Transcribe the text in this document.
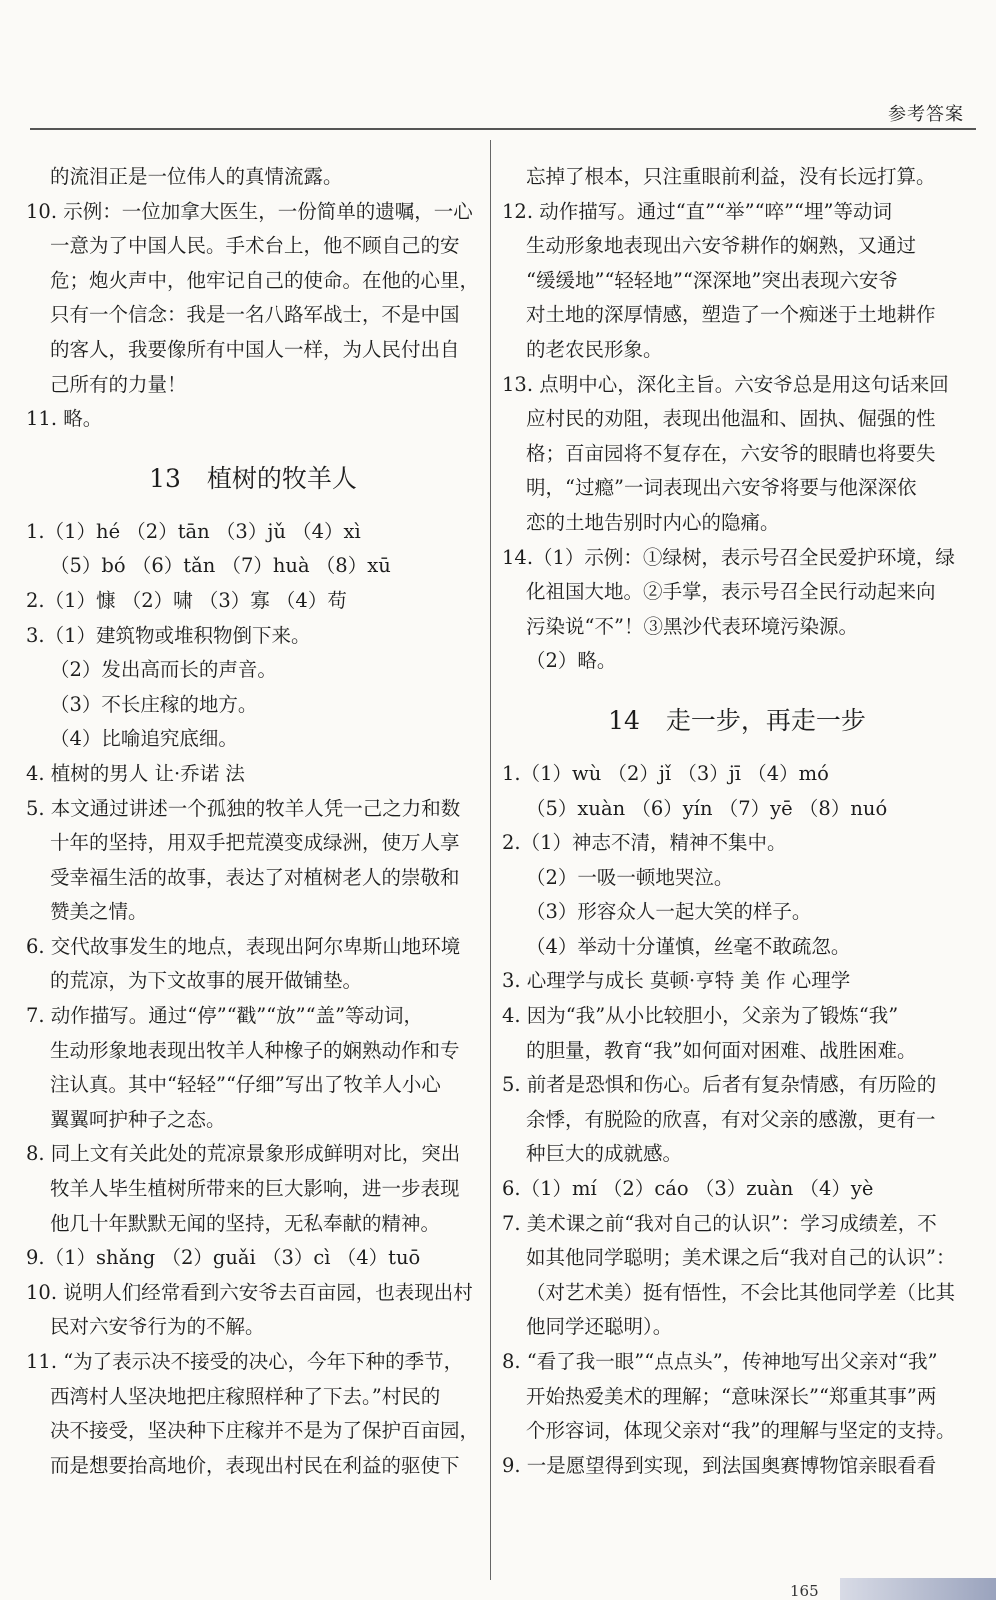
参考答案
的流泪正是一位伟人的真情流露。
10. 示例：一位加拿大医生，一份简单的遗嘱，一心
一意为了中国人民。手术台上，他不顾自己的安
危；炮火声中，他牢记自己的使命。在他的心里，
只有一个信念：我是一名八路军战士，不是中国
的客人，我要像所有中国人一样，为人民付出自
己所有的力量！
11. 略。
13 植树的牧羊人
1.（1）hé （2）tān （3）jǔ （4）xì
（5）bó （6）tǎn （7）huà （8）xū
2.（1）慷 （2）啸 （3）寡 （4）苟
3.（1）建筑物或堆积物倒下来。
（2）发出高而长的声音。
（3）不长庄稼的地方。
（4）比喻追究底细。
4. 植树的男人 让·乔诺 法
5. 本文通过讲述一个孤独的牧羊人凭一己之力和数
十年的坚持，用双手把荒漠变成绿洲，使万人享
受幸福生活的故事，表达了对植树老人的崇敬和
赞美之情。
6. 交代故事发生的地点，表现出阿尔卑斯山地环境
的荒凉，为下文故事的展开做铺垫。
7. 动作描写。通过“停”“戳”“放”“盖”等动词，
生动形象地表现出牧羊人种橡子的娴熟动作和专
注认真。其中“轻轻”“仔细”写出了牧羊人小心
翼翼呵护种子之态。
8. 同上文有关此处的荒凉景象形成鲜明对比，突出
牧羊人毕生植树所带来的巨大影响，进一步表现
他几十年默默无闻的坚持，无私奉献的精神。
9.（1）shǎng （2）guǎi （3）cì （4）tuō
10. 说明人们经常看到六安爷去百亩园，也表现出村
民对六安爷行为的不解。
11. “为了表示决不接受的决心，今年下种的季节，
西湾村人坚决地把庄稼照样种了下去。”村民的
决不接受，坚决种下庄稼并不是为了保护百亩园，
而是想要抬高地价，表现出村民在利益的驱使下
忘掉了根本，只注重眼前利益，没有长远打算。
12. 动作描写。通过“直”“举”“啐”“埋”等动词
生动形象地表现出六安爷耕作的娴熟，又通过
“缓缓地”“轻轻地”“深深地”突出表现六安爷
对土地的深厚情感，塑造了一个痴迷于土地耕作
的老农民形象。
13. 点明中心，深化主旨。六安爷总是用这句话来回
应村民的劝阻，表现出他温和、固执、倔强的性
格；百亩园将不复存在，六安爷的眼睛也将要失
明，“过瘾”一词表现出六安爷将要与他深深依
恋的土地告别时内心的隐痛。
14.（1）示例：①绿树，表示号召全民爱护环境，绿
化祖国大地。②手掌，表示号召全民行动起来向
污染说“不”！③黑沙代表环境污染源。
（2）略。
14 走一步，再走一步
1.（1）wù （2）jǐ （3）jī （4）mó
（5）xuàn （6）yín （7）yē （8）nuó
2.（1）神志不清，精神不集中。
（2）一吸一顿地哭泣。
（3）形容众人一起大笑的样子。
（4）举动十分谨慎，丝毫不敢疏忽。
3. 心理学与成长 莫顿·亨特 美 作 心理学
4. 因为“我”从小比较胆小，父亲为了锻炼“我”
的胆量，教育“我”如何面对困难、战胜困难。
5. 前者是恐惧和伤心。后者有复杂情感，有历险的
余悸，有脱险的欣喜，有对父亲的感激，更有一
种巨大的成就感。
6.（1）mí （2）cáo （3）zuàn （4）yè
7. 美术课之前“我对自己的认识”：学习成绩差，不
如其他同学聪明；美术课之后“我对自己的认识”：
（对艺术美）挺有悟性，不会比其他同学差（比其
他同学还聪明）。
8. “看了我一眼”“点点头”，传神地写出父亲对“我”
开始热爱美术的理解；“意味深长”“郑重其事”两
个形容词，体现父亲对“我”的理解与坚定的支持。
9. 一是愿望得到实现，到法国奥赛博物馆亲眼看看
165
